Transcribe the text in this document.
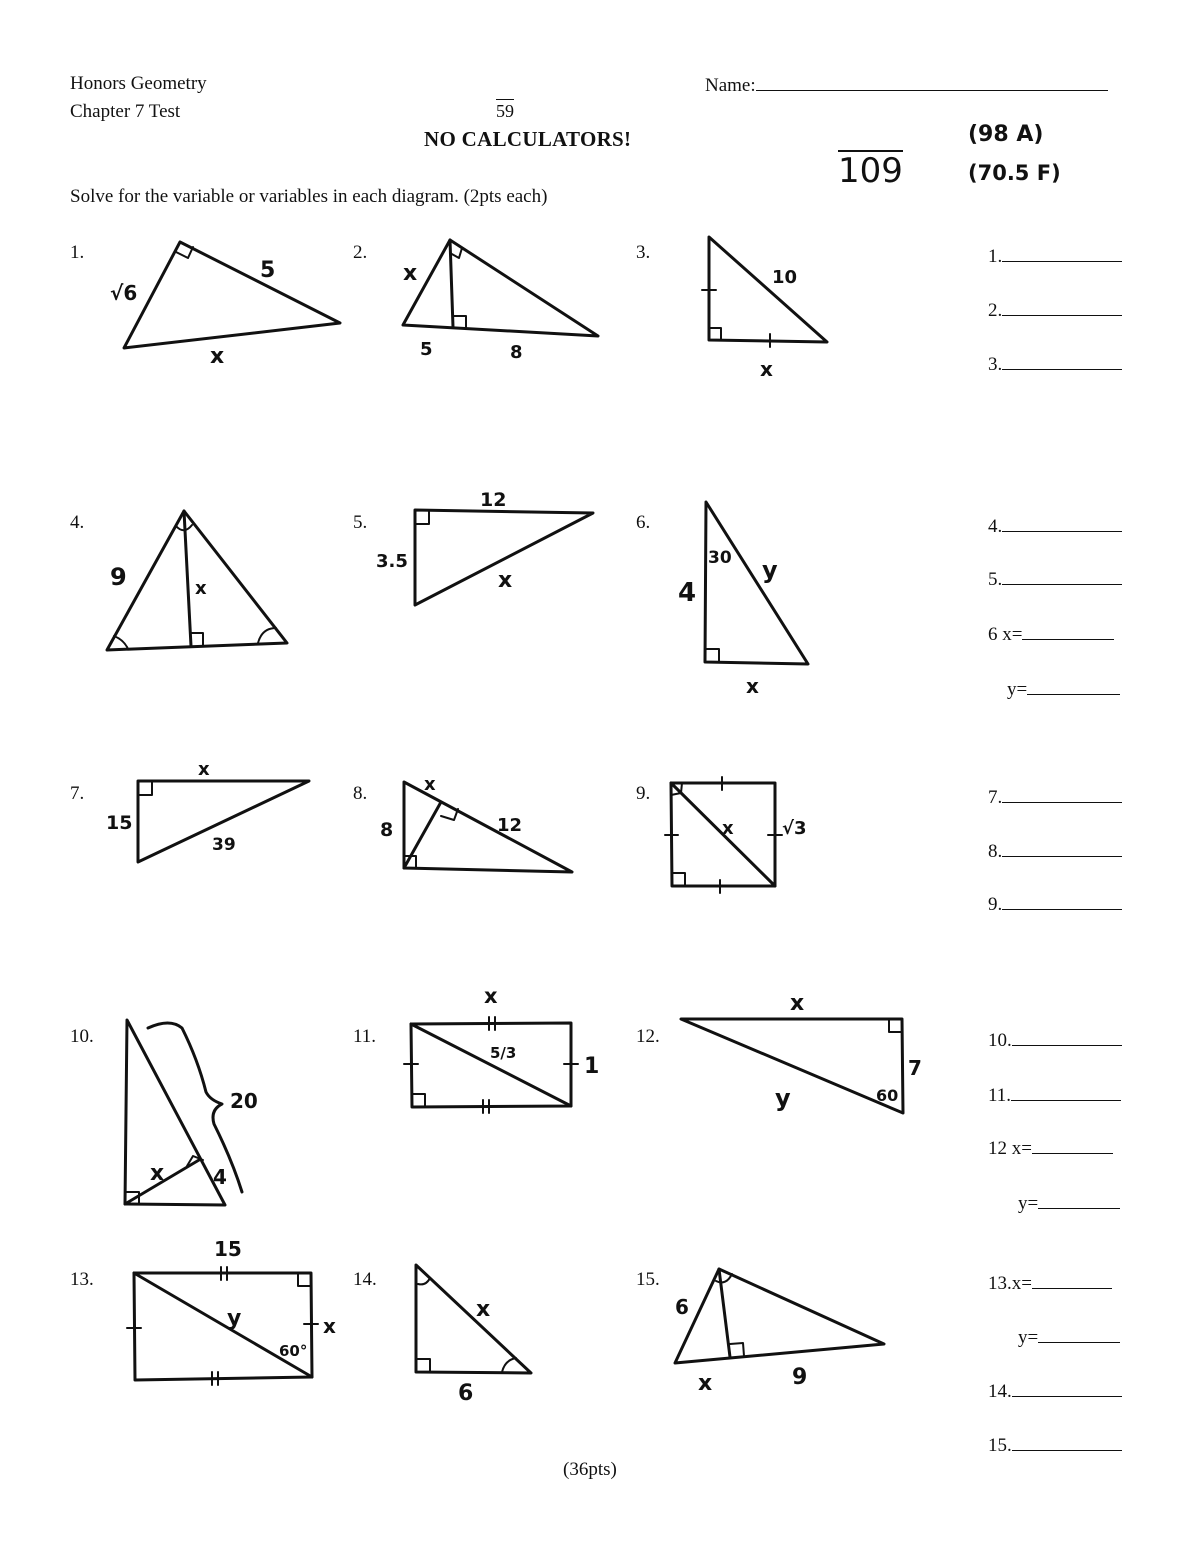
Honors Geometry
Chapter 7 Test
Name:
59
NO CALCULATORS!
109
(98 A)
(70.5 F)
Solve for the variable or variables in each diagram. (2pts each)
1.	2.	3.
4.	5.	6.
7.	8.	9.
10.	11.	12.
13.	14.	15.
√6
5
x
x
5	8
10
x
9	x
12
3.5
x	4
30 y
x
x
15
39
x
8	12	x	√3
20
x 4
x
5/3
1
x
7
y	60
15
y	x
60°
x
6
6
x	9
1.
2.
3.
4.
5.
6 x=
y=
7.
8.
9.
10.
11.
12 x=
y=
13.x=
y=
14.
15.
(36pts)
